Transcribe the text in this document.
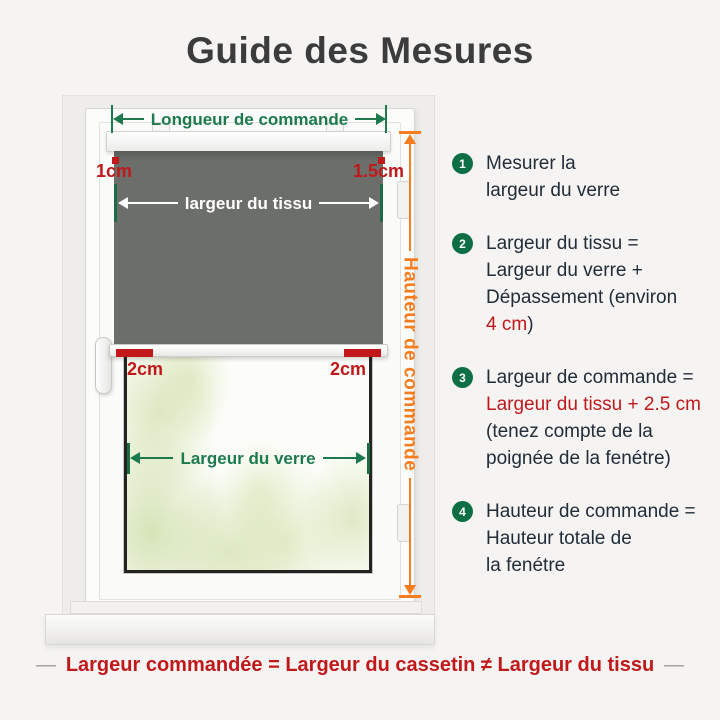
Guide des Mesures
Longueur de commande
1cm	1.5cm
largeur du tissu
2cm	2cm
Largeur du verre	Hauteur de commande
1	Mesurer la
largeur du verre
2	Largeur du tissu =
Largeur du verre +
Dépassement (environ
4 cm)
3	Largeur de commande =
Largeur du tissu + 2.5 cm
(tenez compte de la
poignée de la fenétre)
4	Hauteur de commande =
Hauteur totale de
la fenétre
— Largeur commandée = Largeur du cassetin ≠ Largeur du tissu —
